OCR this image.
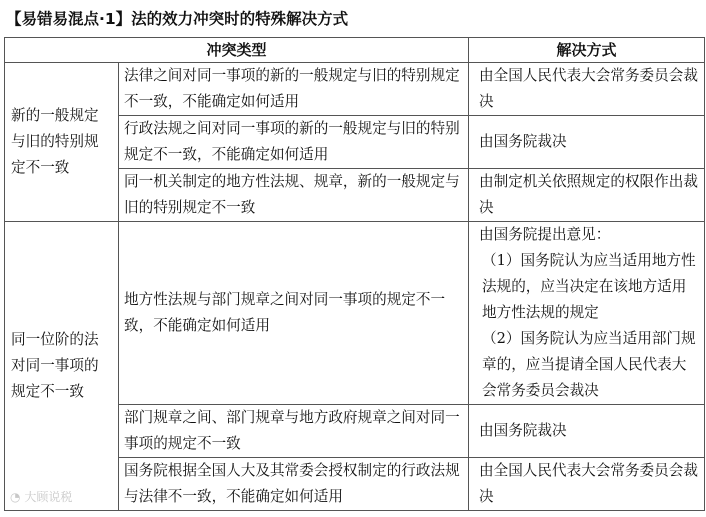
【易错易混点·1】法的效力冲突时的特殊解决方式
冲突类型		解决方式
新的一般规定与旧的特别规定不一致	法律之间对同一事项的新的一般规定与旧的特别规定不一致，不能确定如何适用	由全国人民代表大会常务委员会裁决
	行政法规之间对同一事项的新的一般规定与旧的特别规定不一致，不能确定如何适用	由国务院裁决
	同一机关制定的地方性法规、规章，新的一般规定与旧的特别规定不一致	由制定机关依照规定的权限作出裁决
同一位阶的法对同一事项的规定不一致	地方性法规与部门规章之间对同一事项的规定不一致，不能确定如何适用	由国务院提出意见：
（1）国务院认为应当适用地方性法规的，应当决定在该地方适用地方性法规的规定
（2）国务院认为应当适用部门规章的，应当提请全国人民代表大会常务委员会裁决

	部门规章之间、部门规章与地方政府规章之间对同一事项的规定不一致	由国务院裁决
	国务院根据全国人大及其常委会授权制定的行政法规与法律不一致，不能确定如何适用	由全国人民代表大会常务委员会裁决
◔ 大顾说税
